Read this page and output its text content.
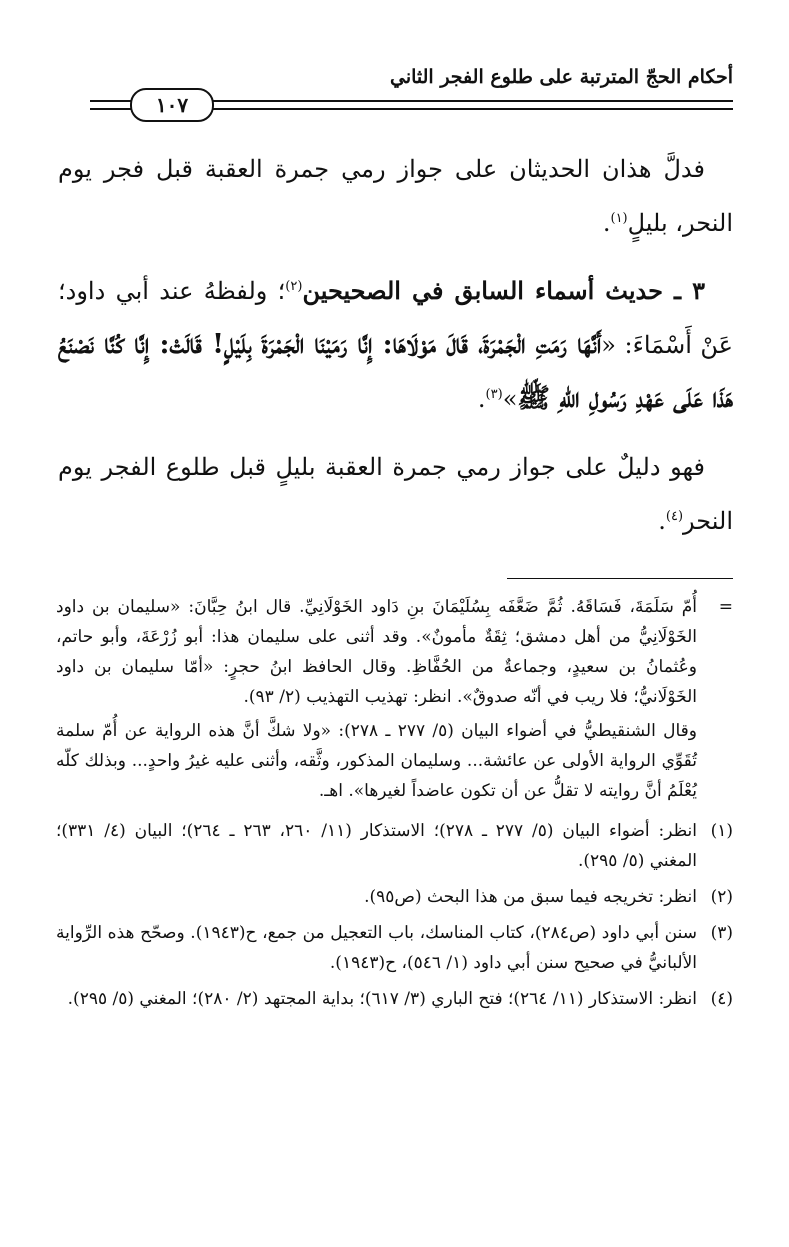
أحكام الحجّ المترتبة على طلوع الفجر الثاني
١٠٧

فدلَّ هذان الحديثان على جواز رمي جمرة العقبة قبل فجر يوم النحر، بليلٍ$^{(١)}$.

٣ ـ حديث أسماء السابق في الصحيحين$^{(٢)}$؛ ولفظهُ عند أبي داود؛ عَنْ أَسْمَاءَ: «أَنَّهَا رَمَتِ الْجَمْرَةَ، قَالَ مَوْلَاهَا: إِنَّا رَمَيْنَا الْجَمْرَةَ بِلَيْلٍ! قَالَتْ: إِنَّا كُنَّا نَصْنَعُ هَذَا عَلَى عَهْدِ رَسُولِ اللهِ ﷺ»$^{(٣)}$.

فهو دليلٌ على جواز رمي جمرة العقبة بليلٍ قبل طلوع الفجر يوم النحر$^{(٤)}$.

=

أُمّ سَلَمَةَ، فَسَاقَهُ. ثُمَّ ضَعَّفَه بِسُلَيْمَانَ بنِ دَاود الخَوْلَانِيِّ. قال ابنُ حِبَّانَ: «سليمان بن داود الخَوْلَانِيُّ من أهل دمشق؛ ثِقَةٌ مأمونٌ». وقد أثنى على سليمان هذا: أبو زُرْعَةَ، وأبو حاتم، وعُثمانُ بن سعيدٍ، وجماعةٌ من الحُفَّاظِ. وقال الحافظ ابنُ حجرٍ: «أمّا سليمان بن داود الخَوْلَانيُّ؛ فلا ريب في أنّه صدوقٌ». انظر: تهذيب التهذيب (٢/ ٩٣).

وقال الشنقيطيُّ في أضواء البيان (٥/ ٢٧٧ ـ ٢٧٨): «ولا شكَّ أنَّ هذه الرواية عن أُمّ سلمة تُقَوِّي الرواية الأولى عن عائشة... وسليمان المذكور، وثَّقه، وأثنى عليه غيرُ واحدٍ... وبذلك كلّه يُعْلَمُ أنَّ روايته لا تقلُّ عن أن تكون عاضداً لغيرها». اهـ.

(١)
انظر: أضواء البيان (٥/ ٢٧٧ ـ ٢٧٨)؛ الاستذكار (١١/ ٢٦٠، ٢٦٣ ـ ٢٦٤)؛ البيان (٤/ ٣٣١)؛ المغني (٥/ ٢٩٥).
(٢)
انظر: تخريجه فيما سبق من هذا البحث (ص٩٥).
(٣)
سنن أبي داود (ص٢٨٤)، كتاب المناسك، باب التعجيل من جمع، ح(١٩٤٣). وصحّح هذه الرِّواية الألبانيُّ في صحيح سنن أبي داود (١/ ٥٤٦)، ح(١٩٤٣).
(٤)
انظر: الاستذكار (١١/ ٢٦٤)؛ فتح الباري (٣/ ٦١٧)؛ بداية المجتهد (٢/ ٢٨٠)؛ المغني (٥/ ٢٩٥).
